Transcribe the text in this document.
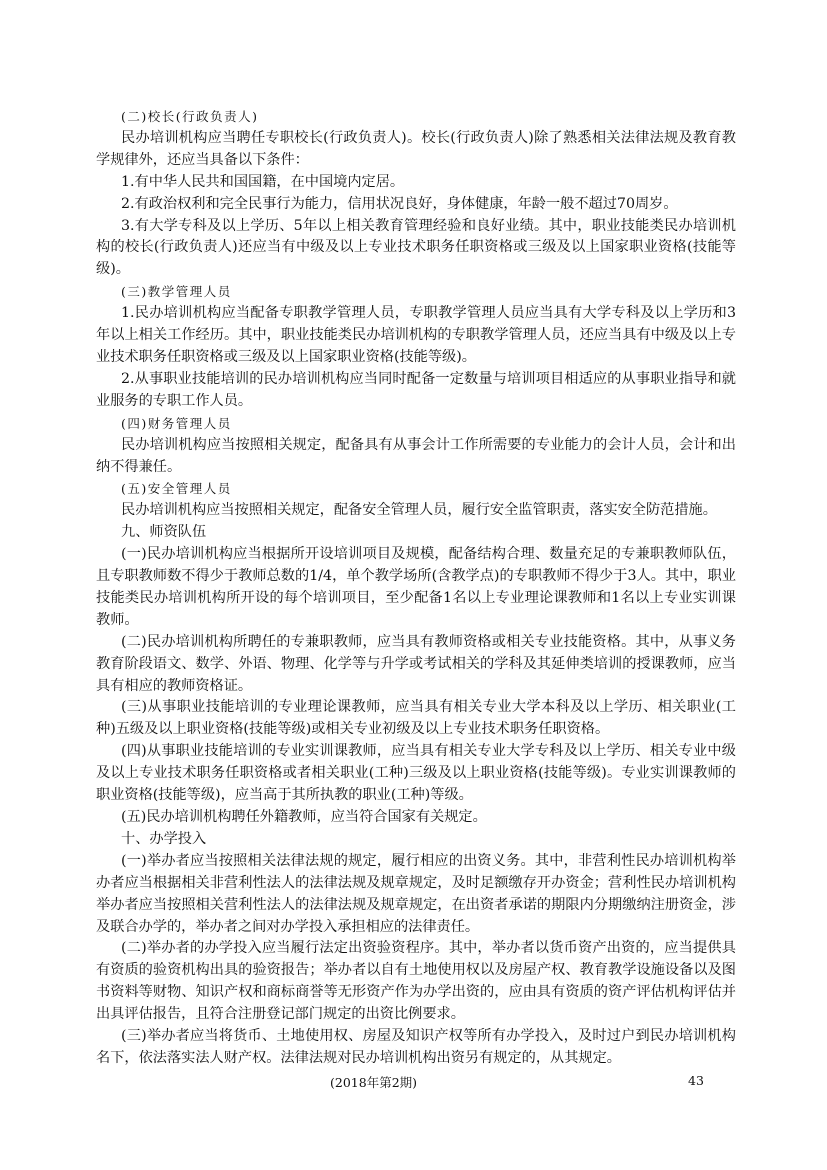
(二)校长(行政负责人)

民办培训机构应当聘任专职校长(行政负责人)。校长(行政负责人)除了熟悉相关法律法规及教育教学规律外，还应当具备以下条件：

1.有中华人民共和国国籍，在中国境内定居。

2.有政治权利和完全民事行为能力，信用状况良好，身体健康，年龄一般不超过70周岁。

3.有大学专科及以上学历、5年以上相关教育管理经验和良好业绩。其中，职业技能类民办培训机构的校长(行政负责人)还应当有中级及以上专业技术职务任职资格或三级及以上国家职业资格(技能等级)。

(三)教学管理人员

1.民办培训机构应当配备专职教学管理人员，专职教学管理人员应当具有大学专科及以上学历和3年以上相关工作经历。其中，职业技能类民办培训机构的专职教学管理人员，还应当具有中级及以上专业技术职务任职资格或三级及以上国家职业资格(技能等级)。

2.从事职业技能培训的民办培训机构应当同时配备一定数量与培训项目相适应的从事职业指导和就业服务的专职工作人员。

(四)财务管理人员

民办培训机构应当按照相关规定，配备具有从事会计工作所需要的专业能力的会计人员，会计和出纳不得兼任。

(五)安全管理人员

民办培训机构应当按照相关规定，配备安全管理人员，履行安全监管职责，落实安全防范措施。

九、师资队伍

(一)民办培训机构应当根据所开设培训项目及规模，配备结构合理、数量充足的专兼职教师队伍，且专职教师数不得少于教师总数的1/4，单个教学场所(含教学点)的专职教师不得少于3人。其中，职业技能类民办培训机构所开设的每个培训项目，至少配备1名以上专业理论课教师和1名以上专业实训课教师。

(二)民办培训机构所聘任的专兼职教师，应当具有教师资格或相关专业技能资格。其中，从事义务教育阶段语文、数学、外语、物理、化学等与升学或考试相关的学科及其延伸类培训的授课教师，应当具有相应的教师资格证。

(三)从事职业技能培训的专业理论课教师，应当具有相关专业大学本科及以上学历、相关职业(工种)五级及以上职业资格(技能等级)或相关专业初级及以上专业技术职务任职资格。

(四)从事职业技能培训的专业实训课教师，应当具有相关专业大学专科及以上学历、相关专业中级及以上专业技术职务任职资格或者相关职业(工种)三级及以上职业资格(技能等级)。专业实训课教师的职业资格(技能等级)，应当高于其所执教的职业(工种)等级。

(五)民办培训机构聘任外籍教师，应当符合国家有关规定。

十、办学投入

(一)举办者应当按照相关法律法规的规定，履行相应的出资义务。其中，非营利性民办培训机构举办者应当根据相关非营利性法人的法律法规及规章规定，及时足额缴存开办资金；营利性民办培训机构举办者应当按照相关营利性法人的法律法规及规章规定，在出资者承诺的期限内分期缴纳注册资金，涉及联合办学的，举办者之间对办学投入承担相应的法律责任。

(二)举办者的办学投入应当履行法定出资验资程序。其中，举办者以货币资产出资的，应当提供具有资质的验资机构出具的验资报告；举办者以自有土地使用权以及房屋产权、教育教学设施设备以及图书资料等财物、知识产权和商标商誉等无形资产作为办学出资的，应由具有资质的资产评估机构评估并出具评估报告，且符合注册登记部门规定的出资比例要求。

(三)举办者应当将货币、土地使用权、房屋及知识产权等所有办学投入，及时过户到民办培训机构名下，依法落实法人财产权。法律法规对民办培训机构出资另有规定的，从其规定。

(2018年第2期)	43
